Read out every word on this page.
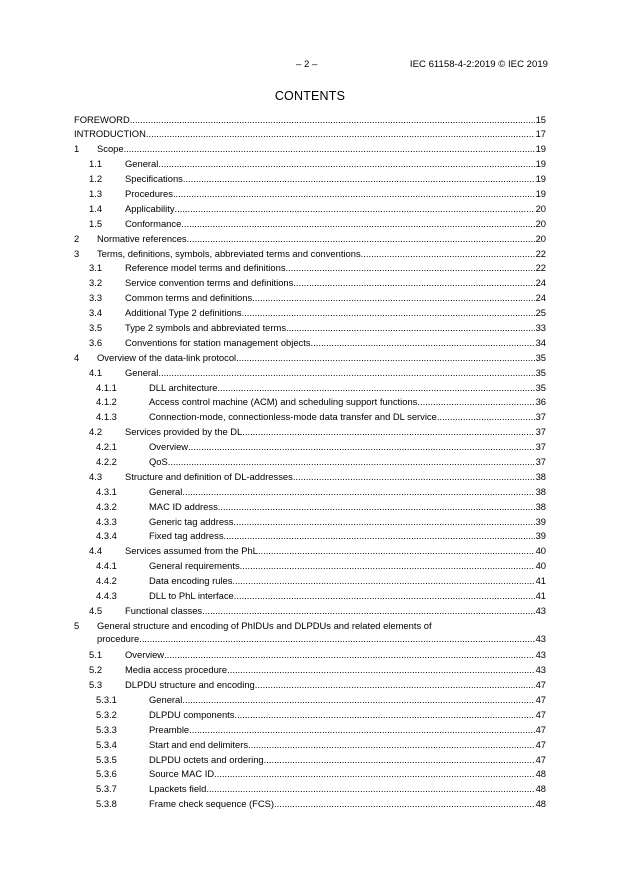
– 2 –	IEC 61158-4-2:2019 © IEC 2019
CONTENTS
FOREWORD .....	15
INTRODUCTION .....	17
1 Scope .....	19
1.1 General .....	19
1.2 Specifications .....	19
1.3 Procedures .....	19
1.4 Applicability .....	20
1.5 Conformance .....	20
2 Normative references .....	20
3 Terms, definitions, symbols, abbreviated terms and conventions .....	22
3.1 Reference model terms and definitions .....	22
3.2 Service convention terms and definitions .....	24
3.3 Common terms and definitions .....	24
3.4 Additional Type 2 definitions .....	25
3.5 Type 2 symbols and abbreviated terms .....	33
3.6 Conventions for station management objects .....	34
4 Overview of the data-link protocol .....	35
4.1 General .....	35
4.1.1	DLL architecture .....	35
4.1.2	Access control machine (ACM) and scheduling support functions .....	36
4.1.3	Connection-mode, connectionless-mode data transfer and DL service .....	37
4.2 Services provided by the DL .....	37
4.2.1	Overview .....	37
4.2.2	QoS .....	37
4.3 Structure and definition of DL-addresses .....	38
4.3.1	General .....	38
4.3.2	MAC ID address .....	38
4.3.3	Generic tag address .....	39
4.3.4	Fixed tag address .....	39
4.4 Services assumed from the PhL .....	40
4.4.1	General requirements .....	40
4.4.2	Data encoding rules .....	41
4.4.3	DLL to PhL interface .....	41
4.5 Functional classes .....	43
5 General structure and encoding of PhIDUs and DLPDUs and related elements of
procedure .....	43
5.1 Overview .....	43
5.2 Media access procedure .....	43
5.3 DLPDU structure and encoding .....	47
5.3.1	General .....	47
5.3.2	DLPDU components .....	47
5.3.3	Preamble .....	47
5.3.4	Start and end delimiters .....	47
5.3.5	DLPDU octets and ordering .....	47
5.3.6	Source MAC ID .....	48
5.3.7	Lpackets field .....	48
5.3.8	Frame check sequence (FCS) .....	48
